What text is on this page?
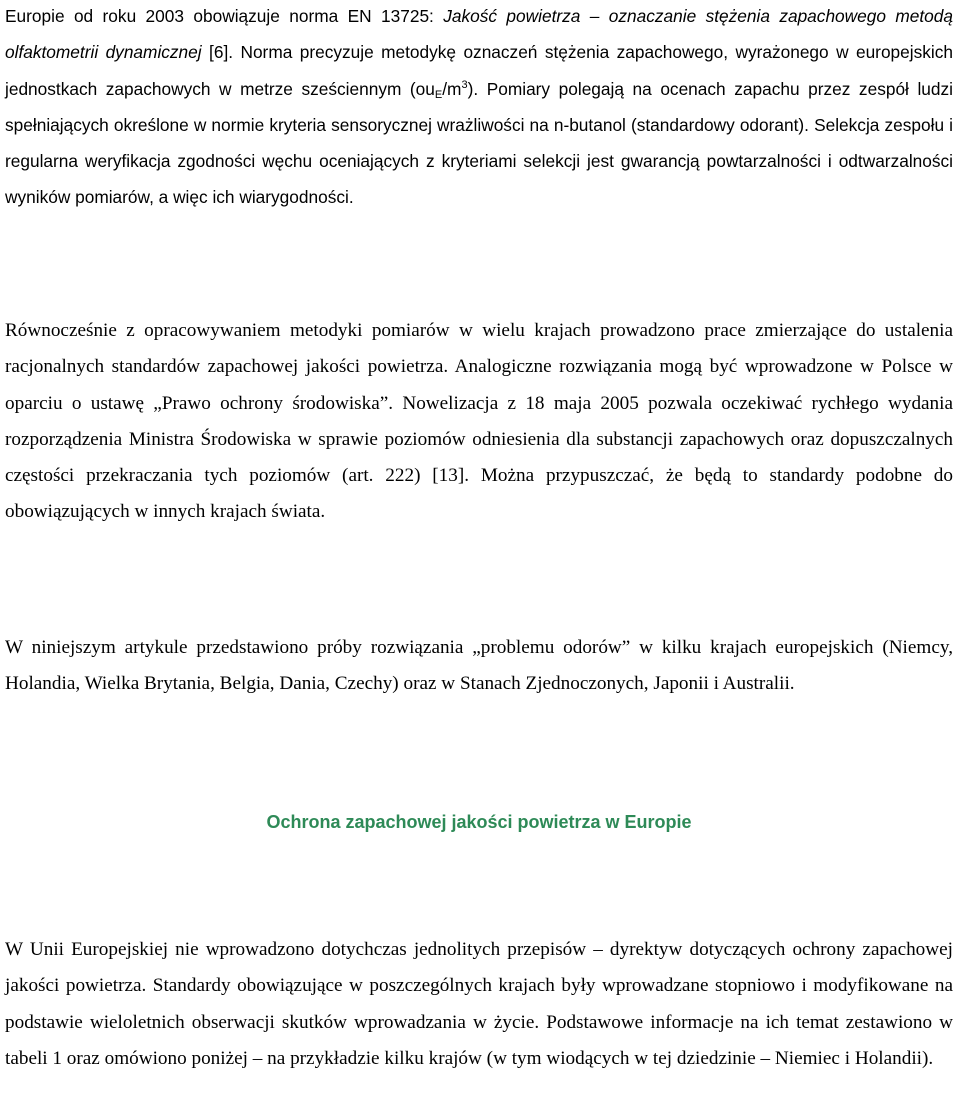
Europie od roku 2003 obowiązuje norma EN 13725: Jakość powietrza – oznaczanie stężenia zapachowego metodą olfaktometrii dynamicznej [6]. Norma precyzuje metodykę oznaczeń stężenia zapachowego, wyrażonego w europejskich jednostkach zapachowych w metrze sześciennym $(ou_E/m^3)$. Pomiary polegają na ocenach zapachu przez zespół ludzi spełniających określone w normie kryteria sensorycznej wrażliwości na n-butanol (standardowy odorant). Selekcja zespołu i regularna weryfikacja zgodności węchu oceniających z kryteriami selekcji jest gwarancją powtarzalności i odtwarzalności wyników pomiarów, a więc ich wiarygodności.

Równocześnie z opracowywaniem metodyki pomiarów w wielu krajach prowadzono prace zmierzające do ustalenia racjonalnych standardów zapachowej jakości powietrza. Analogiczne rozwiązania mogą być wprowadzone w Polsce w oparciu o ustawę „Prawo ochrony środowiska”. Nowelizacja z 18 maja 2005 pozwala oczekiwać rychłego wydania rozporządzenia Ministra Środowiska w sprawie poziomów odniesienia dla substancji zapachowych oraz dopuszczalnych częstości przekraczania tych poziomów (art. 222) [13]. Można przypuszczać, że będą to standardy podobne do obowiązujących w innych krajach świata.

W niniejszym artykule przedstawiono próby rozwiązania „problemu odorów” w kilku krajach europejskich (Niemcy, Holandia, Wielka Brytania, Belgia, Dania, Czechy) oraz w Stanach Zjednoczonych, Japonii i Australii.

Ochrona zapachowej jakości powietrza w Europie

W Unii Europejskiej nie wprowadzono dotychczas jednolitych przepisów – dyrektyw dotyczących ochrony zapachowej jakości powietrza. Standardy obowiązujące w poszczególnych krajach były wprowadzane stopniowo i modyfikowane na podstawie wieloletnich obserwacji skutków wprowadzania w życie. Podstawowe informacje na ich temat zestawiono w tabeli 1 oraz omówiono poniżej – na przykładzie kilku krajów (w tym wiodących w tej dziedzinie – Niemiec i Holandii).
